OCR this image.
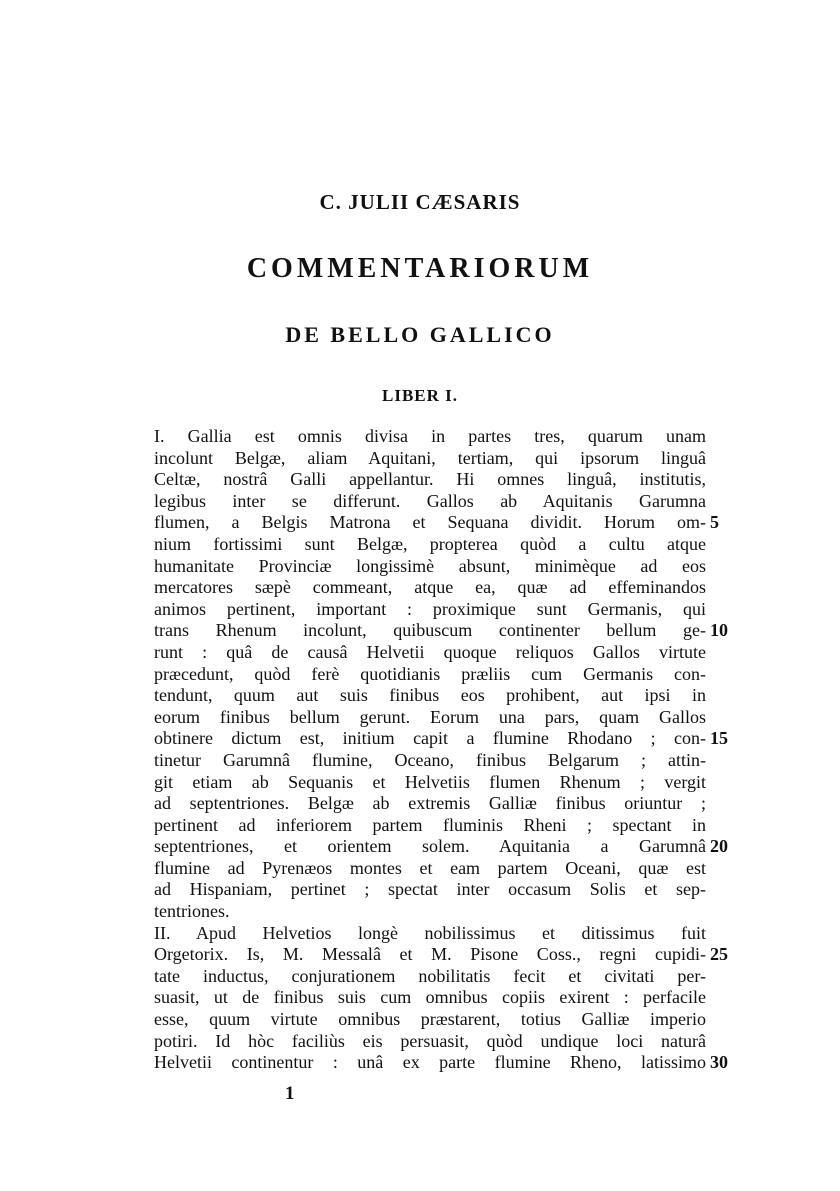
C. JULII CÆSARIS
COMMENTARIORUM
DE BELLO GALLICO
LIBER I.
I. Gallia est omnis divisa in partes tres, quarum unam
incolunt Belgæ, aliam Aquitani, tertiam, qui ipsorum linguâ
Celtæ, nostrâ Galli appellantur. Hi omnes linguâ, institutis,
legibus inter se differunt. Gallos ab Aquitanis Garumna
flumen, a Belgis Matrona et Sequana dividit. Horum om-
nium fortissimi sunt Belgæ, propterea quòd a cultu atque
humanitate Provinciæ longissimè absunt, minimèque ad eos
mercatores sæpè commeant, atque ea, quæ ad effeminandos
animos pertinent, important : proximique sunt Germanis, qui
trans Rhenum incolunt, quibuscum continenter bellum ge-
runt : quâ de causâ Helvetii quoque reliquos Gallos virtute
præcedunt, quòd ferè quotidianis præliis cum Germanis con-
tendunt, quum aut suis finibus eos prohibent, aut ipsi in
eorum finibus bellum gerunt. Eorum una pars, quam Gallos
obtinere dictum est, initium capit a flumine Rhodano ; con-
tinetur Garumnâ flumine, Oceano, finibus Belgarum ; attin-
git etiam ab Sequanis et Helvetiis flumen Rhenum ; vergit
ad septentriones. Belgæ ab extremis Galliæ finibus oriuntur ;
pertinent ad inferiorem partem fluminis Rheni ; spectant in
septentriones, et orientem solem. Aquitania a Garumnâ
flumine ad Pyrenæos montes et eam partem Oceani, quæ est
ad Hispaniam, pertinet ; spectat inter occasum Solis et sep-
tentriones.
II. Apud Helvetios longè nobilissimus et ditissimus fuit
Orgetorix. Is, M. Messalâ et M. Pisone Coss., regni cupidi-
tate inductus, conjurationem nobilitatis fecit et civitati per-
suasit, ut de finibus suis cum omnibus copiis exirent : perfacile
esse, quum virtute omnibus præstarent, totius Galliæ imperio
potiri. Id hòc faciliùs eis persuasit, quòd undique loci naturâ
Helvetii continentur : unâ ex parte flumine Rheno, latissimo
5
10
15
20
25
30
1
